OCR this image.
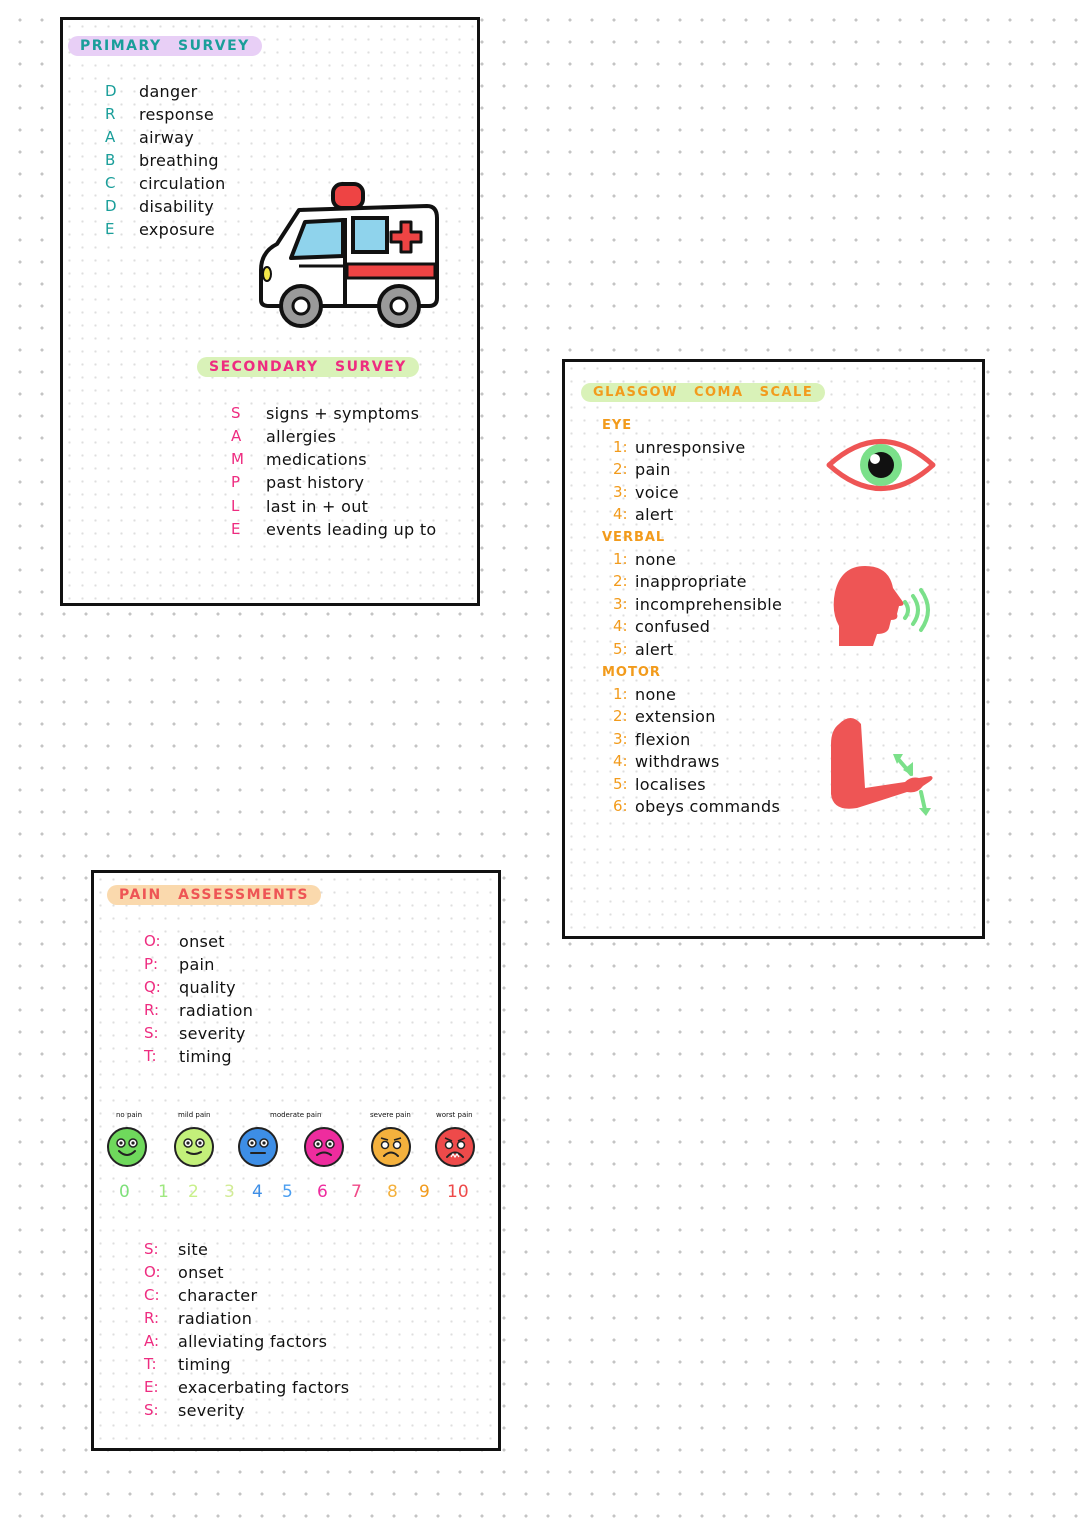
PRIMARY SURVEY
D danger
R response
A airway
B breathing
C circulation
D disability
E exposure
SECONDARY SURVEY
S signs + symptoms
A allergies
M medications
P past history
L last in + out
E events leading up to
GLASGOW COMA SCALE
EYE
1: unresponsive
2: pain
3: voice
4: alert
VERBAL
1: none
2: inappropriate
3: incomprehensible
4: confused
5: alert
MOTOR
1: none
2: extension
3: flexion
4: withdraws
5: localises
6: obeys commands
PAIN ASSESSMENTS
O: onset
P: pain
Q: quality
R: radiation
S: severity
T: timing
no pain	mild pain	moderate pain	severe pain	worst pain
0 1 2 3 4 5 6 7 8 9 10
S: site
O: onset
C: character
R: radiation
A: alleviating factors
T: timing
E: exacerbating factors
S: severity
